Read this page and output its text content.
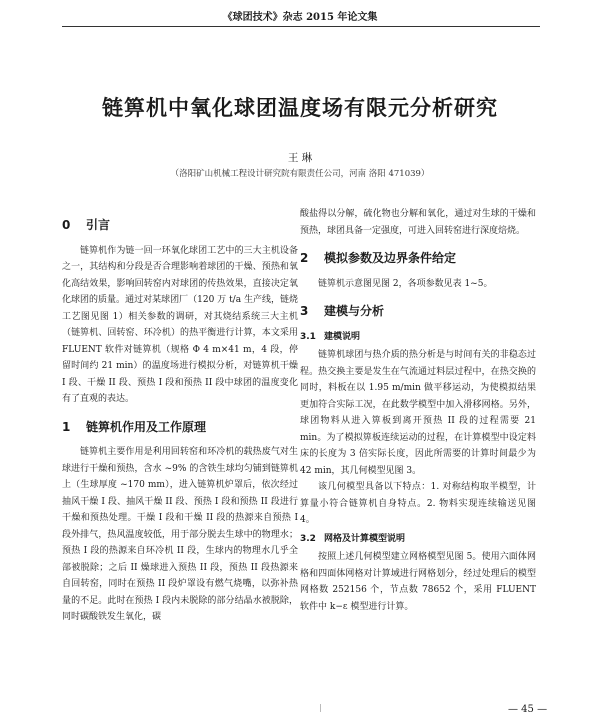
《球团技术》杂志 2015 年论文集
链箅机中氧化球团温度场有限元分析研究
王 琳
（洛阳矿山机械工程设计研究院有限责任公司，河南 洛阳 471039）
0 引言

链箅机作为链一回一环氧化球团工艺中的三大主机设备之一，其结构和分段是否合理影响着球团的干燥、预热和氧化高结效果，影响回转窑内对球团的传热效果，直接决定氧化球团的质量。通过对某球团厂（120 万 t/a 生产线，链烧工艺图见图 1）相关参数的调研，对其烧结系统三大主机（链箅机、回转窑、环冷机）的热平衡进行计算，本文采用 FLUENT 软件对链箅机（规格 Φ 4 m×41 m，4 段，停留时间约 21 min）的温度场进行模拟分析，对链箅机干燥 I 段、干燥 II 段、预热 I 段和预热 II 段中球团的温度变化有了直观的表达。

1 链箅机作用及工作原理

链箅机主要作用是利用回转窑和环冷机的载热废气对生球进行干燥和预热，含水 ~9% 的含铁生球均匀铺到链箅机上（生球厚度 ~170 mm），进入链箅机炉罩后，依次经过抽风干燥 I 段、抽风干燥 II 段、预热 I 段和预热 II 段进行干燥和预热处理。干燥 I 段和干燥 II 段的热源来自预热 I 段外排气，热风温度较低，用于部分脱去生球中的物理水；预热 I 段的热源来自环冷机 II 段，生球内的物理水几乎全部被脱除；之后 II 燥球进入预热 II 段，预热 II 段热源来自回转窑，同时在预热 II 段炉罩设有燃气烧嘴，以弥补热量的不足。此时在预热 I 段内未脱除的部分结晶水被脱除，同时碳酸铁发生氧化，碳

酸盐得以分解，硫化物也分解和氧化，通过对生球的干燥和预热，球团具备一定强度，可进入回转窑进行深度焙烧。

2 模拟参数及边界条件给定

链箅机示意图见图 2，各项参数见表 1~5。

3 建模与分析
3.1 建模说明

链箅机球团与热介质的热分析是与时间有关的非稳态过程。热交换主要是发生在气流通过料层过程中，在热交换的同时，料板在以 1.95 m/min 做平移运动，为使模拟结果更加符合实际工况，在此数学模型中加入滑移网格。另外，球团物料从进入箅板到离开预热 II 段的过程需要 21 min。为了模拟箅板连续运动的过程，在计算模型中设定料床的长度为 3 倍实际长度，因此所需要的计算时间最少为 42 min，其几何模型见图 3。

该几何模型具备以下特点：1. 对称结构取半模型，计算量小符合链箅机自身特点。2. 物料实现连续输送见图 4。

3.2 网格及计算模型说明

按照上述几何模型建立网格模型见图 5。使用六面体网格和四面体网格对计算域进行网格划分，经过处理后的模型网格数 252156 个，节点数 78652 个，采用 FLUENT 软件中 k−ε 模型进行计算。

— 45 —
